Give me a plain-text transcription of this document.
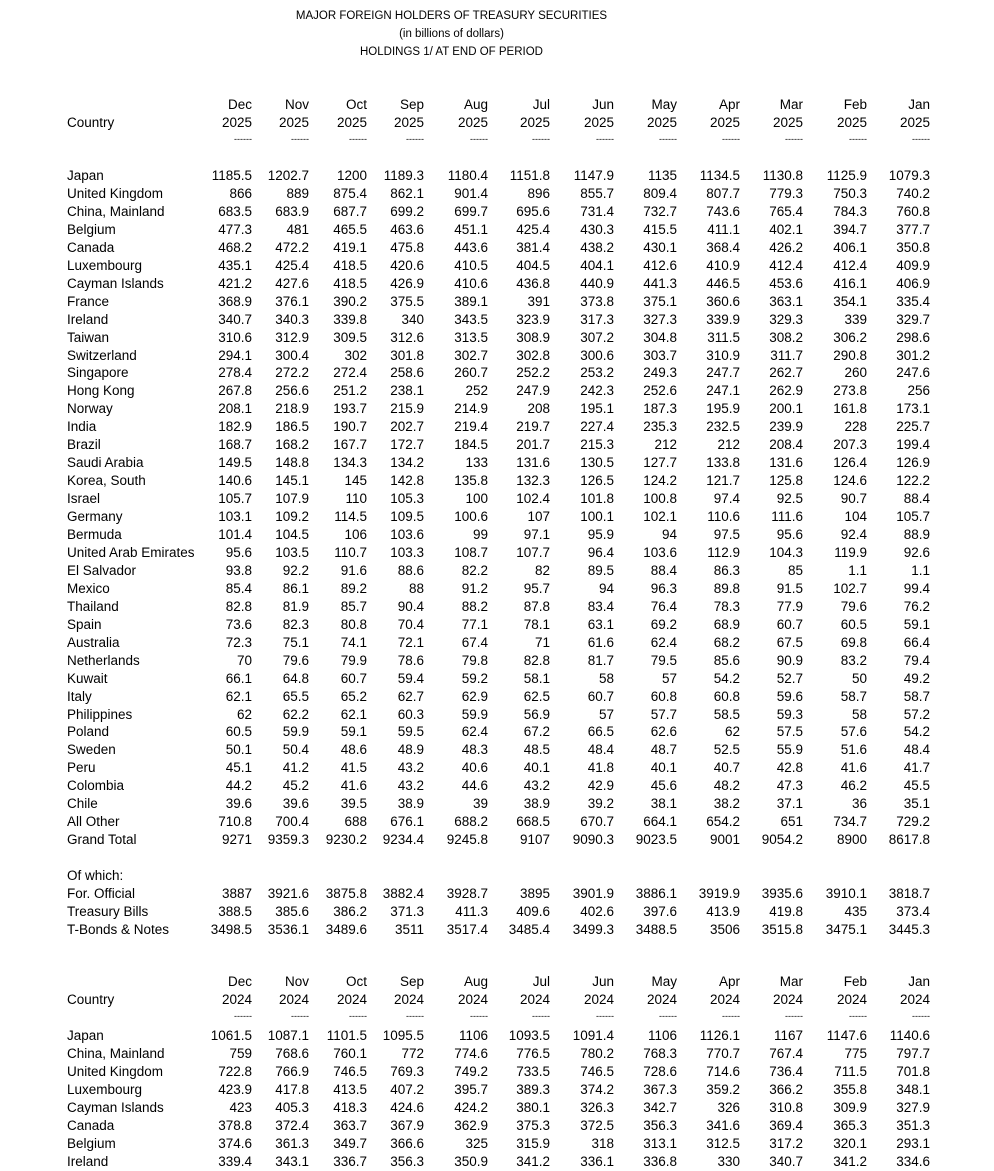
MAJOR FOREIGN HOLDERS OF TREASURY SECURITIES
(in billions of dollars)
HOLDINGS 1/ AT END OF PERIOD
Dec	Nov	Oct	Sep	Aug	Jul	Jun	May	Apr	Mar	Feb	Jan
Country	2025	2025	2025	2025	2025	2025	2025	2025	2025	2025	2025	2025
------	------	------	------	------	------	------	------	------	------	------	------
Japan	1185.5	1202.7	1200	1189.3	1180.4	1151.8	1147.9	1135	1134.5	1130.8	1125.9	1079.3
United Kingdom	866	889	875.4	862.1	901.4	896	855.7	809.4	807.7	779.3	750.3	740.2
China, Mainland	683.5	683.9	687.7	699.2	699.7	695.6	731.4	732.7	743.6	765.4	784.3	760.8
Belgium	477.3	481	465.5	463.6	451.1	425.4	430.3	415.5	411.1	402.1	394.7	377.7
Canada	468.2	472.2	419.1	475.8	443.6	381.4	438.2	430.1	368.4	426.2	406.1	350.8
Luxembourg	435.1	425.4	418.5	420.6	410.5	404.5	404.1	412.6	410.9	412.4	412.4	409.9
Cayman Islands	421.2	427.6	418.5	426.9	410.6	436.8	440.9	441.3	446.5	453.6	416.1	406.9
France	368.9	376.1	390.2	375.5	389.1	391	373.8	375.1	360.6	363.1	354.1	335.4
Ireland	340.7	340.3	339.8	340	343.5	323.9	317.3	327.3	339.9	329.3	339	329.7
Taiwan	310.6	312.9	309.5	312.6	313.5	308.9	307.2	304.8	311.5	308.2	306.2	298.6
Switzerland	294.1	300.4	302	301.8	302.7	302.8	300.6	303.7	310.9	311.7	290.8	301.2
Singapore	278.4	272.2	272.4	258.6	260.7	252.2	253.2	249.3	247.7	262.7	260	247.6
Hong Kong	267.8	256.6	251.2	238.1	252	247.9	242.3	252.6	247.1	262.9	273.8	256
Norway	208.1	218.9	193.7	215.9	214.9	208	195.1	187.3	195.9	200.1	161.8	173.1
India	182.9	186.5	190.7	202.7	219.4	219.7	227.4	235.3	232.5	239.9	228	225.7
Brazil	168.7	168.2	167.7	172.7	184.5	201.7	215.3	212	212	208.4	207.3	199.4
Saudi Arabia	149.5	148.8	134.3	134.2	133	131.6	130.5	127.7	133.8	131.6	126.4	126.9
Korea, South	140.6	145.1	145	142.8	135.8	132.3	126.5	124.2	121.7	125.8	124.6	122.2
Israel	105.7	107.9	110	105.3	100	102.4	101.8	100.8	97.4	92.5	90.7	88.4
Germany	103.1	109.2	114.5	109.5	100.6	107	100.1	102.1	110.6	111.6	104	105.7
Bermuda	101.4	104.5	106	103.6	99	97.1	95.9	94	97.5	95.6	92.4	88.9
United Arab Emirates	95.6	103.5	110.7	103.3	108.7	107.7	96.4	103.6	112.9	104.3	119.9	92.6
El Salvador	93.8	92.2	91.6	88.6	82.2	82	89.5	88.4	86.3	85	1.1	1.1
Mexico	85.4	86.1	89.2	88	91.2	95.7	94	96.3	89.8	91.5	102.7	99.4
Thailand	82.8	81.9	85.7	90.4	88.2	87.8	83.4	76.4	78.3	77.9	79.6	76.2
Spain	73.6	82.3	80.8	70.4	77.1	78.1	63.1	69.2	68.9	60.7	60.5	59.1
Australia	72.3	75.1	74.1	72.1	67.4	71	61.6	62.4	68.2	67.5	69.8	66.4
Netherlands	70	79.6	79.9	78.6	79.8	82.8	81.7	79.5	85.6	90.9	83.2	79.4
Kuwait	66.1	64.8	60.7	59.4	59.2	58.1	58	57	54.2	52.7	50	49.2
Italy	62.1	65.5	65.2	62.7	62.9	62.5	60.7	60.8	60.8	59.6	58.7	58.7
Philippines	62	62.2	62.1	60.3	59.9	56.9	57	57.7	58.5	59.3	58	57.2
Poland	60.5	59.9	59.1	59.5	62.4	67.2	66.5	62.6	62	57.5	57.6	54.2
Sweden	50.1	50.4	48.6	48.9	48.3	48.5	48.4	48.7	52.5	55.9	51.6	48.4
Peru	45.1	41.2	41.5	43.2	40.6	40.1	41.8	40.1	40.7	42.8	41.6	41.7
Colombia	44.2	45.2	41.6	43.2	44.6	43.2	42.9	45.6	48.2	47.3	46.2	45.5
Chile	39.6	39.6	39.5	38.9	39	38.9	39.2	38.1	38.2	37.1	36	35.1
All Other	710.8	700.4	688	676.1	688.2	668.5	670.7	664.1	654.2	651	734.7	729.2
Grand Total	9271	9359.3	9230.2	9234.4	9245.8	9107	9090.3	9023.5	9001	9054.2	8900	8617.8
Of which:
For. Official	3887	3921.6	3875.8	3882.4	3928.7	3895	3901.9	3886.1	3919.9	3935.6	3910.1	3818.7
Treasury Bills	388.5	385.6	386.2	371.3	411.3	409.6	402.6	397.6	413.9	419.8	435	373.4
T-Bonds & Notes	3498.5	3536.1	3489.6	3511	3517.4	3485.4	3499.3	3488.5	3506	3515.8	3475.1	3445.3
Dec	Nov	Oct	Sep	Aug	Jul	Jun	May	Apr	Mar	Feb	Jan
Country	2024	2024	2024	2024	2024	2024	2024	2024	2024	2024	2024	2024
------	------	------	------	------	------	------	------	------	------	------	------
Japan	1061.5	1087.1	1101.5	1095.5	1106	1093.5	1091.4	1106	1126.1	1167	1147.6	1140.6
China, Mainland	759	768.6	760.1	772	774.6	776.5	780.2	768.3	770.7	767.4	775	797.7
United Kingdom	722.8	766.9	746.5	769.3	749.2	733.5	746.5	728.6	714.6	736.4	711.5	701.8
Luxembourg	423.9	417.8	413.5	407.2	395.7	389.3	374.2	367.3	359.2	366.2	355.8	348.1
Cayman Islands	423	405.3	418.3	424.6	424.2	380.1	326.3	342.7	326	310.8	309.9	327.9
Canada	378.8	372.4	363.7	367.9	362.9	375.3	372.5	356.3	341.6	369.4	365.3	351.3
Belgium	374.6	361.3	349.7	366.6	325	315.9	318	313.1	312.5	317.2	320.1	293.1
Ireland	339.4	343.1	336.7	356.3	350.9	341.2	336.1	336.8	330	340.7	341.2	334.6
